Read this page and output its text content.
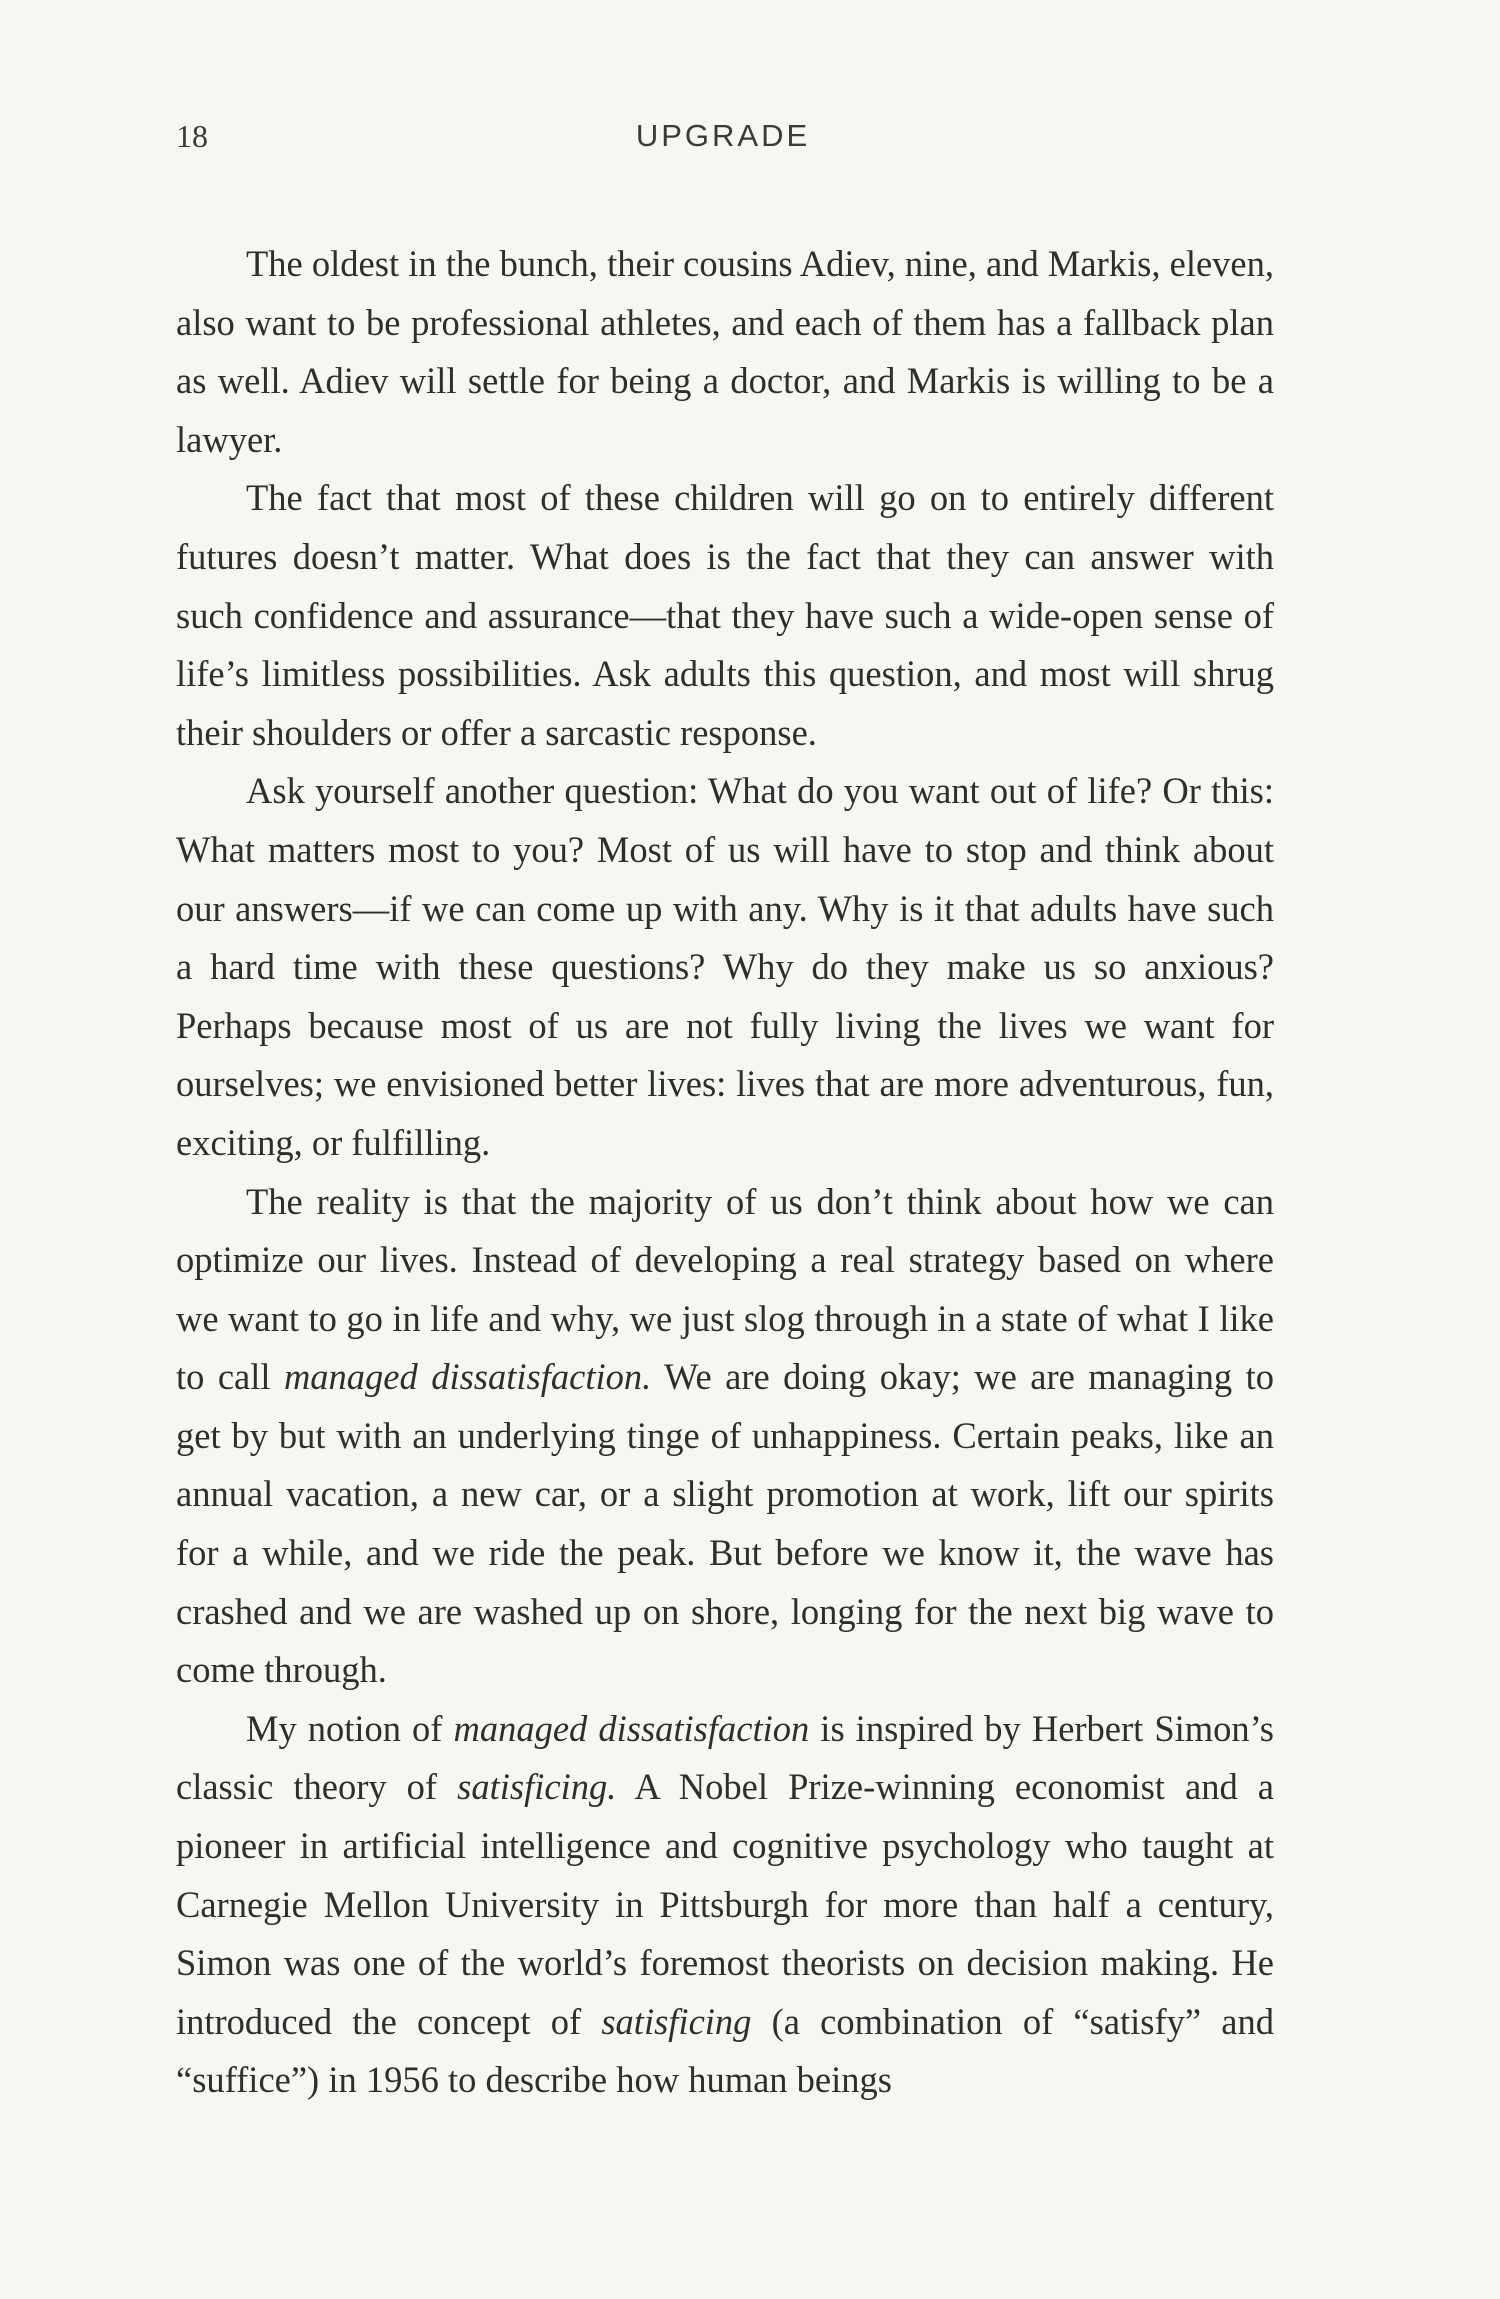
18	UPGRADE

The oldest in the bunch, their cousins Adiev, nine, and Markis, eleven, also want to be professional athletes, and each of them has a fallback plan as well. Adiev will settle for being a doctor, and Markis is willing to be a lawyer.

The fact that most of these children will go on to entirely different futures doesn’t matter. What does is the fact that they can answer with such confidence and assurance—that they have such a wide-open sense of life’s limitless possibilities. Ask adults this question, and most will shrug their shoulders or offer a sarcastic response.

Ask yourself another question: What do you want out of life? Or this: What matters most to you? Most of us will have to stop and think about our answers—if we can come up with any. Why is it that adults have such a hard time with these questions? Why do they make us so anxious? Perhaps because most of us are not fully living the lives we want for ourselves; we envisioned better lives: lives that are more adventurous, fun, exciting, or fulfilling.

The reality is that the majority of us don’t think about how we can optimize our lives. Instead of developing a real strategy based on where we want to go in life and why, we just slog through in a state of what I like to call managed dissatisfaction. We are doing okay; we are managing to get by but with an underlying tinge of unhappiness. Certain peaks, like an annual vacation, a new car, or a slight promotion at work, lift our spirits for a while, and we ride the peak. But before we know it, the wave has crashed and we are washed up on shore, longing for the next big wave to come through.

My notion of managed dissatisfaction is inspired by Herbert Simon’s classic theory of satisficing. A Nobel Prize-winning economist and a pioneer in artificial intelligence and cognitive psychology who taught at Carnegie Mellon University in Pittsburgh for more than half a century, Simon was one of the world’s foremost theorists on decision making. He introduced the concept of satisficing (a combination of “satisfy” and “suffice”) in 1956 to describe how human beings
